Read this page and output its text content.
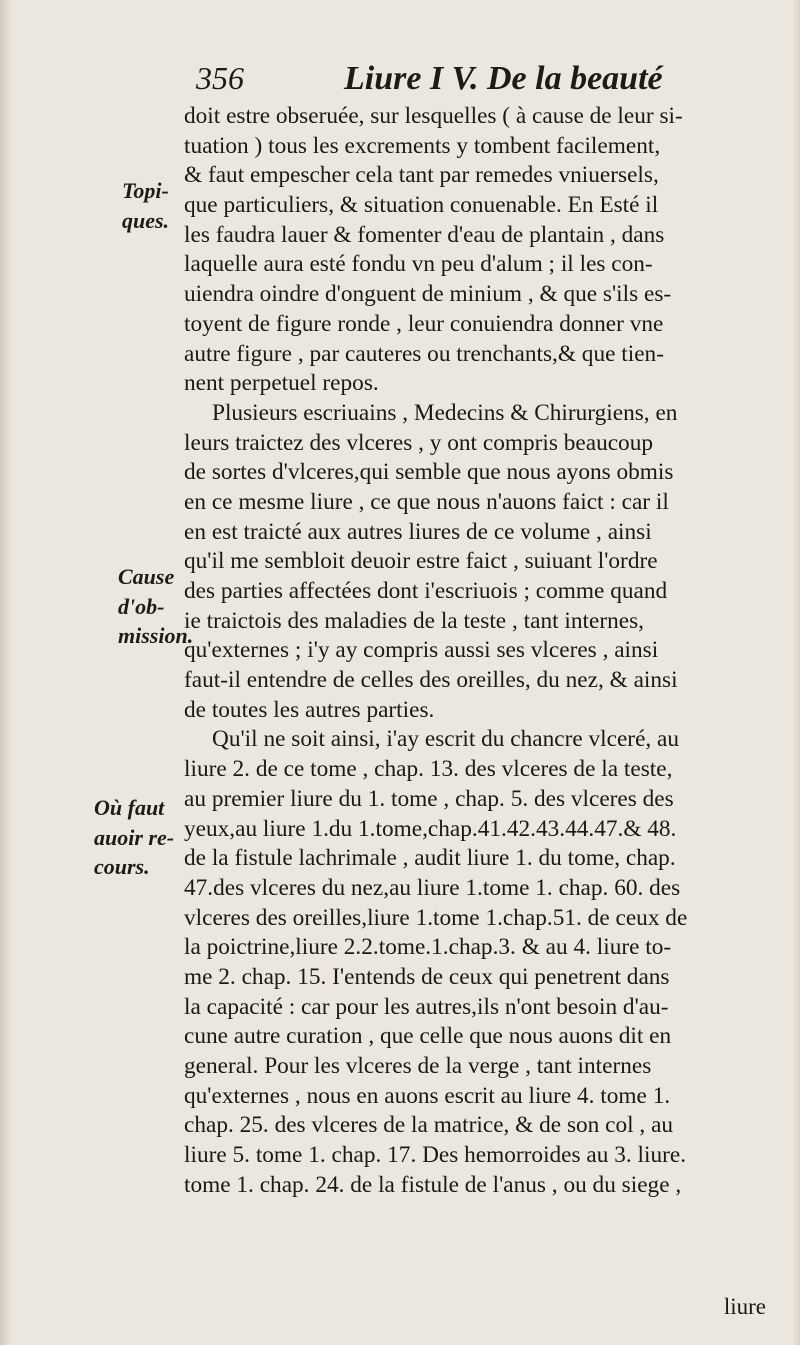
356	Liure I V. De la beauté
Topi-
ques.
Cause
d'ob-
mission.
Où faut
auoir re-
cours.
doit estre obseruée, sur lesquelles ( à cause de leur si-
tuation ) tous les excrements y tombent facilement,
& faut empescher cela tant par remedes vniuersels,
que particuliers, & situation conuenable. En Esté il
les faudra lauer & fomenter d'eau de plantain , dans
laquelle aura esté fondu vn peu d'alum ; il les con-
uiendra oindre d'onguent de minium , & que s'ils es-
toyent de figure ronde , leur conuiendra donner vne
autre figure , par cauteres ou trenchants,& que tien-
nent perpetuel repos.
Plusieurs escriuains , Medecins & Chirurgiens, en
leurs traictez des vlceres , y ont compris beaucoup
de sortes d'vlceres,qui semble que nous ayons obmis
en ce mesme liure , ce que nous n'auons faict : car il
en est traicté aux autres liures de ce volume , ainsi
qu'il me sembloit deuoir estre faict , suiuant l'ordre
des parties affectées dont i'escriuois ; comme quand
ie traictois des maladies de la teste , tant internes,
qu'externes ; i'y ay compris aussi ses vlceres , ainsi
faut-il entendre de celles des oreilles, du nez, & ainsi
de toutes les autres parties.
Qu'il ne soit ainsi, i'ay escrit du chancre vlceré, au
liure 2. de ce tome , chap. 13. des vlceres de la teste,
au premier liure du 1. tome , chap. 5. des vlceres des
yeux,au liure 1.du 1.tome,chap.41.42.43.44.47.& 48.
de la fistule lachrimale , audit liure 1. du tome, chap.
47.des vlceres du nez,au liure 1.tome 1. chap. 60. des
vlceres des oreilles,liure 1.tome 1.chap.51. de ceux de
la poictrine,liure 2.2.tome.1.chap.3. & au 4. liure to-
me 2. chap. 15. I'entends de ceux qui penetrent dans
la capacité : car pour les autres,ils n'ont besoin d'au-
cune autre curation , que celle que nous auons dit en
general. Pour les vlceres de la verge , tant internes
qu'externes , nous en auons escrit au liure 4. tome 1.
chap. 25. des vlceres de la matrice, & de son col , au
liure 5. tome 1. chap. 17. Des hemorroides au 3. liure.
tome 1. chap. 24. de la fistule de l'anus , ou du siege ,
liure
